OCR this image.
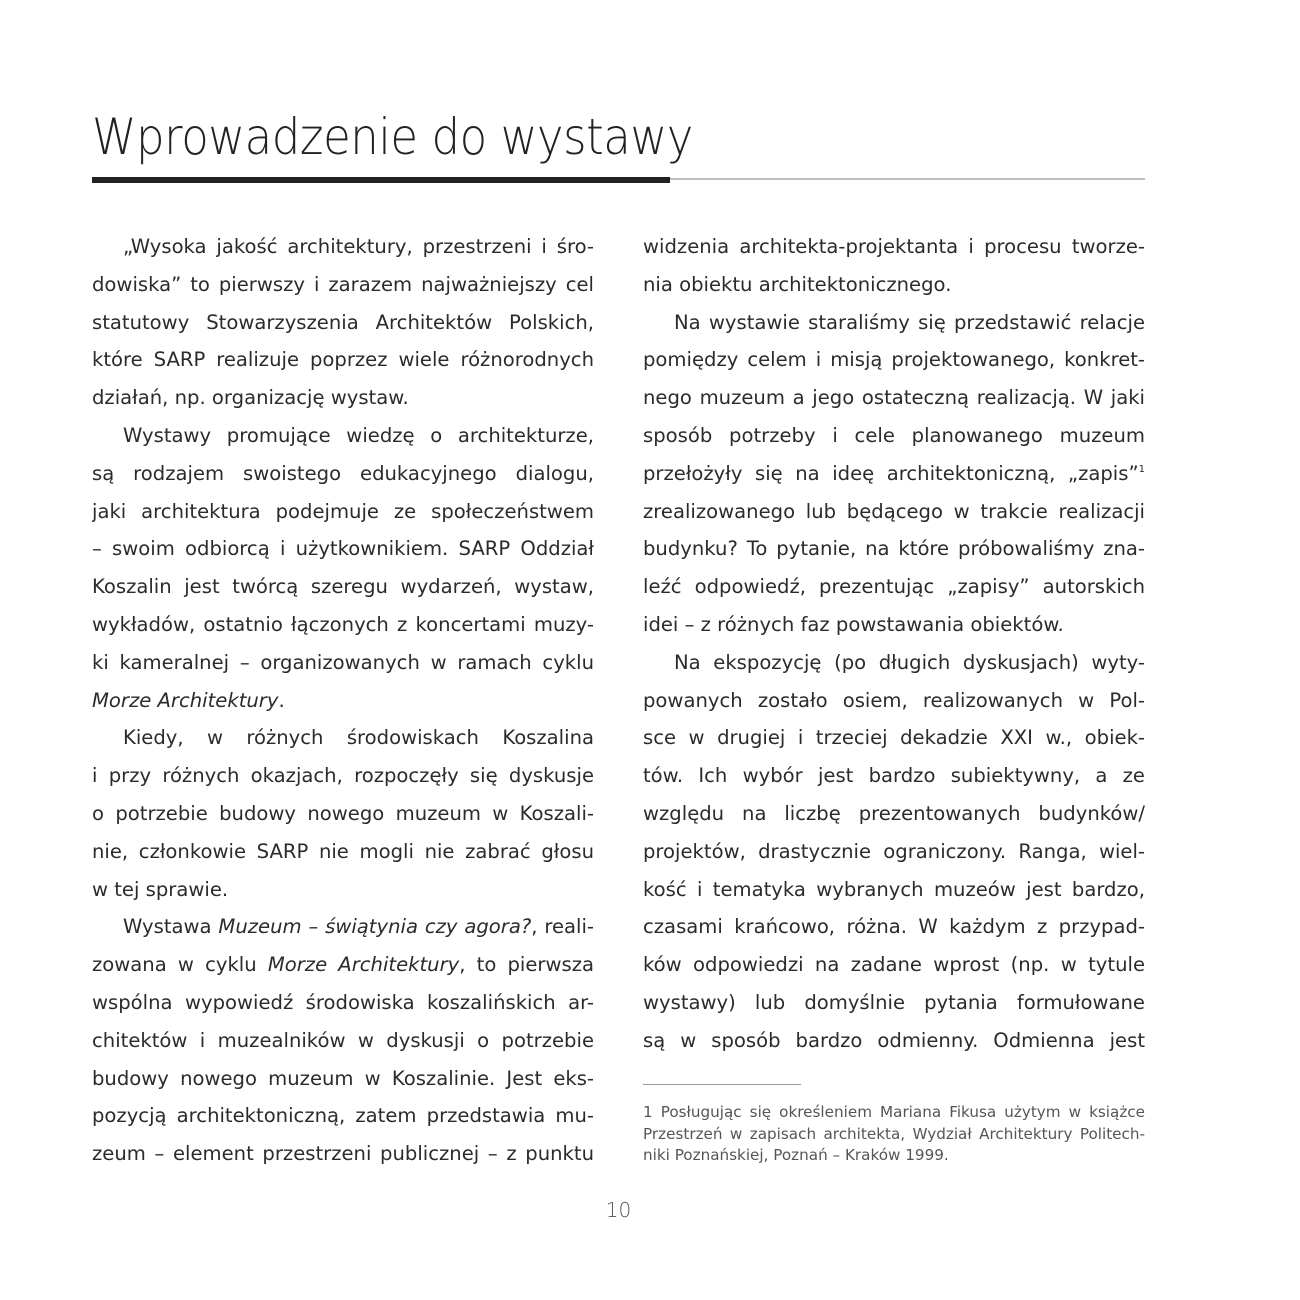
Wprowadzenie do wystawy
„Wysoka jakość architektury, przestrzeni i śro-
dowiska” to pierwszy i zarazem najważniejszy cel
statutowy Stowarzyszenia Architektów Polskich,
które SARP realizuje poprzez wiele różnorodnych
działań, np. organizację wystaw.
Wystawy promujące wiedzę o architekturze,
są rodzajem swoistego edukacyjnego dialogu,
jaki architektura podejmuje ze społeczeństwem
– swoim odbiorcą i użytkownikiem. SARP Oddział
Koszalin jest twórcą szeregu wydarzeń, wystaw,
wykładów, ostatnio łączonych z koncertami muzy-
ki kameralnej – organizowanych w ramach cyklu
Morze Architektury.
Kiedy, w różnych środowiskach Koszalina
i przy różnych okazjach, rozpoczęły się dyskusje
o potrzebie budowy nowego muzeum w Koszali-
nie, członkowie SARP nie mogli nie zabrać głosu
w tej sprawie.
Wystawa Muzeum – świątynia czy agora?, reali-
zowana w cyklu Morze Architektury, to pierwsza
wspólna wypowiedź środowiska koszalińskich ar-
chitektów i muzealników w dyskusji o potrzebie
budowy nowego muzeum w Koszalinie. Jest eks-
pozycją architektoniczną, zatem przedstawia mu-
zeum – element przestrzeni publicznej – z punktu
widzenia architekta-projektanta i procesu tworze-
nia obiektu architektonicznego.
Na wystawie staraliśmy się przedstawić relacje
pomiędzy celem i misją projektowanego, konkret-
nego muzeum a jego ostateczną realizacją. W jaki
sposób potrzeby i cele planowanego muzeum
przełożyły się na ideę architektoniczną, „zapis”$^1$
zrealizowanego lub będącego w trakcie realizacji
budynku? To pytanie, na które próbowaliśmy zna-
leźć odpowiedź, prezentując „zapisy” autorskich
idei – z różnych faz powstawania obiektów.
Na ekspozycję (po długich dyskusjach) wyty-
powanych zostało osiem, realizowanych w Pol-
sce w drugiej i trzeciej dekadzie XXI w., obiek-
tów. Ich wybór jest bardzo subiektywny, a ze
względu na liczbę prezentowanych budynków/
projektów, drastycznie ograniczony. Ranga, wiel-
kość i tematyka wybranych muzeów jest bardzo,
czasami krańcowo, różna. W każdym z przypad-
ków odpowiedzi na zadane wprost (np. w tytule
wystawy) lub domyślnie pytania formułowane
są w sposób bardzo odmienny. Odmienna jest
1 Posługując się określeniem Mariana Fikusa użytym w książce
Przestrzeń w zapisach architekta, Wydział Architektury Politech-
niki Poznańskiej, Poznań – Kraków 1999.
10
